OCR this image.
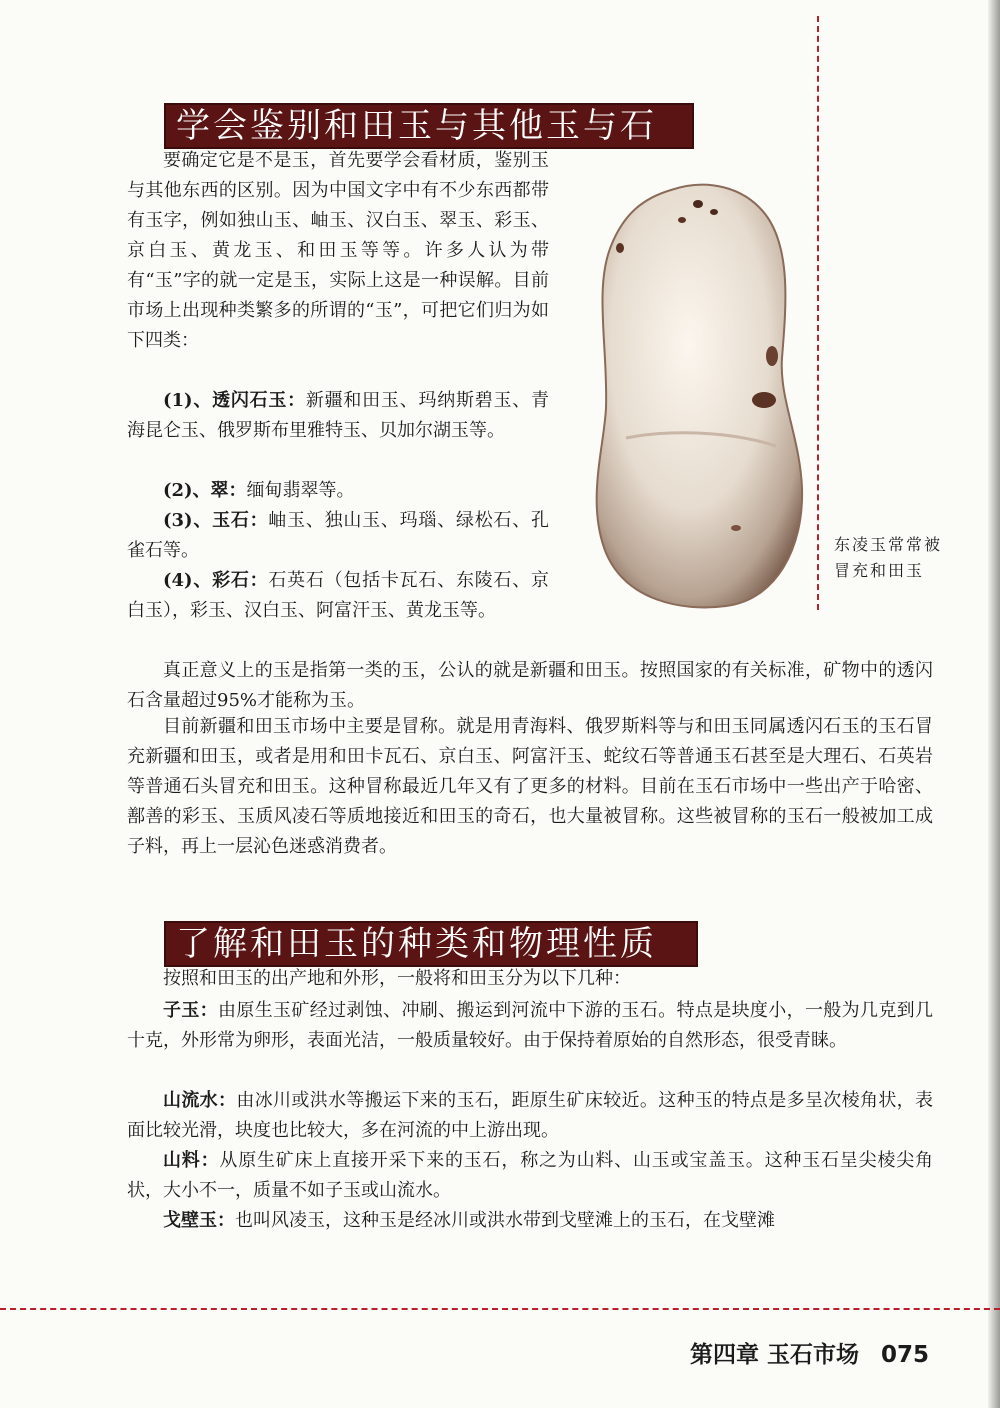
学会鉴别和田玉与其他玉与石

要确定它是不是玉，首先要学会看材质，鉴别玉与其他东西的区别。因为中国文字中有不少东西都带有玉字，例如独山玉、岫玉、汉白玉、翠玉、彩玉、京白玉、黄龙玉、和田玉等等。许多人认为带有“玉”字的就一定是玉，实际上这是一种误解。目前市场上出现种类繁多的所谓的“玉”，可把它们归为如下四类：

(1)、透闪石玉：新疆和田玉、玛纳斯碧玉、青海昆仑玉、俄罗斯布里雅特玉、贝加尔湖玉等。

(2)、翠：缅甸翡翠等。

(3)、玉石：岫玉、独山玉、玛瑙、绿松石、孔雀石等。

(4)、彩石：石英石（包括卡瓦石、东陵石、京白玉），彩玉、汉白玉、阿富汗玉、黄龙玉等。

东凌玉常常被冒充和田玉

真正意义上的玉是指第一类的玉，公认的就是新疆和田玉。按照国家的有关标准，矿物中的透闪石含量超过95%才能称为玉。

目前新疆和田玉市场中主要是冒称。就是用青海料、俄罗斯料等与和田玉同属透闪石玉的玉石冒充新疆和田玉，或者是用和田卡瓦石、京白玉、阿富汗玉、蛇纹石等普通玉石甚至是大理石、石英岩等普通石头冒充和田玉。这种冒称最近几年又有了更多的材料。目前在玉石市场中一些出产于哈密、鄯善的彩玉、玉质风凌石等质地接近和田玉的奇石，也大量被冒称。这些被冒称的玉石一般被加工成子料，再上一层沁色迷惑消费者。

了解和田玉的种类和物理性质

按照和田玉的出产地和外形，一般将和田玉分为以下几种：

子玉：由原生玉矿经过剥蚀、冲刷、搬运到河流中下游的玉石。特点是块度小，一般为几克到几十克，外形常为卵形，表面光洁，一般质量较好。由于保持着原始的自然形态，很受青睐。

山流水：由冰川或洪水等搬运下来的玉石，距原生矿床较近。这种玉的特点是多呈次棱角状，表面比较光滑，块度也比较大，多在河流的中上游出现。

山料：从原生矿床上直接开采下来的玉石，称之为山料、山玉或宝盖玉。这种玉石呈尖棱尖角状，大小不一，质量不如子玉或山流水。

戈壁玉：也叫风凌玉，这种玉是经冰川或洪水带到戈壁滩上的玉石，在戈壁滩

第四章 玉石市场 075
